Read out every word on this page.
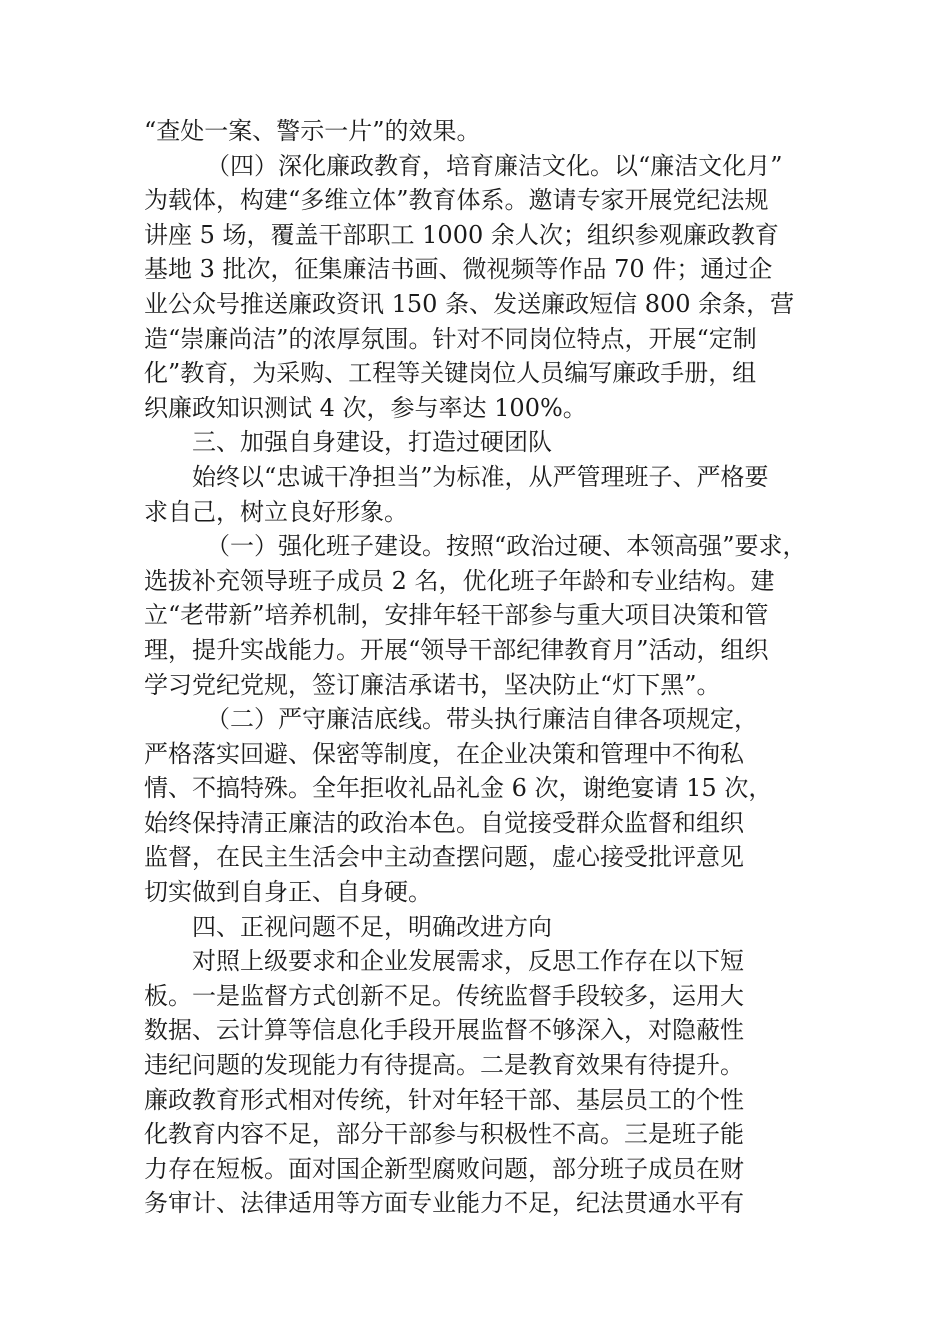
“查处一案、警示一片”的效果。
（四）深化廉政教育，培育廉洁文化。以“廉洁文化月”
为载体，构建“多维立体”教育体系。邀请专家开展党纪法规
讲座 5 场，覆盖干部职工 1000 余人次；组织参观廉政教育
基地 3 批次，征集廉洁书画、微视频等作品 70 件；通过企
业公众号推送廉政资讯 150 条、发送廉政短信 800 余条，营
造“崇廉尚洁”的浓厚氛围。针对不同岗位特点，开展“定制
化”教育，为采购、工程等关键岗位人员编写廉政手册，组
织廉政知识测试 4 次，参与率达 100%。
三、加强自身建设，打造过硬团队
始终以“忠诚干净担当”为标准，从严管理班子、严格要
求自己，树立良好形象。
（一）强化班子建设。按照“政治过硬、本领高强”要求，
选拔补充领导班子成员 2 名，优化班子年龄和专业结构。建
立“老带新”培养机制，安排年轻干部参与重大项目决策和管
理，提升实战能力。开展“领导干部纪律教育月”活动，组织
学习党纪党规，签订廉洁承诺书，坚决防止“灯下黑”。
（二）严守廉洁底线。带头执行廉洁自律各项规定，
严格落实回避、保密等制度，在企业决策和管理中不徇私
情、不搞特殊。全年拒收礼品礼金 6 次，谢绝宴请 15 次，
始终保持清正廉洁的政治本色。自觉接受群众监督和组织
监督，在民主生活会中主动查摆问题，虚心接受批评意见
切实做到自身正、自身硬。
四、正视问题不足，明确改进方向
对照上级要求和企业发展需求，反思工作存在以下短
板。一是监督方式创新不足。传统监督手段较多，运用大
数据、云计算等信息化手段开展监督不够深入，对隐蔽性
违纪问题的发现能力有待提高。二是教育效果有待提升。
廉政教育形式相对传统，针对年轻干部、基层员工的个性
化教育内容不足，部分干部参与积极性不高。三是班子能
力存在短板。面对国企新型腐败问题，部分班子成员在财
务审计、法律适用等方面专业能力不足，纪法贯通水平有
